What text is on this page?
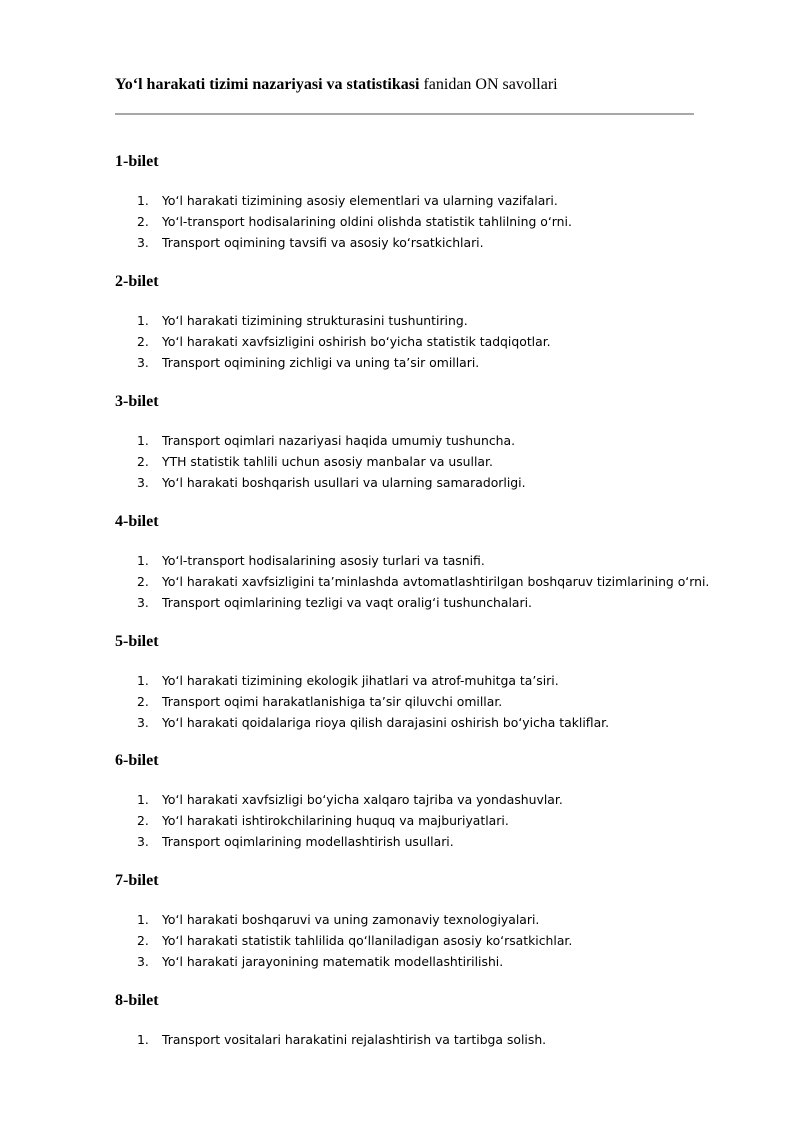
Yo‘l harakati tizimi nazariyasi va statistikasi fanidan ON savollari
1-bilet
1. Yo‘l harakati tizimining asosiy elementlari va ularning vazifalari.
2. Yo‘l-transport hodisalarining oldini olishda statistik tahlilning o‘rni.
3. Transport oqimining tavsifi va asosiy ko‘rsatkichlari.
2-bilet
1. Yo‘l harakati tizimining strukturasini tushuntiring.
2. Yo‘l harakati xavfsizligini oshirish bo‘yicha statistik tadqiqotlar.
3. Transport oqimining zichligi va uning ta’sir omillari.
3-bilet
1. Transport oqimlari nazariyasi haqida umumiy tushuncha.
2. YTH statistik tahlili uchun asosiy manbalar va usullar.
3. Yo‘l harakati boshqarish usullari va ularning samaradorligi.
4-bilet
1. Yo‘l-transport hodisalarining asosiy turlari va tasnifi.
2. Yo‘l harakati xavfsizligini ta’minlashda avtomatlashtirilgan boshqaruv tizimlarining o‘rni.
3. Transport oqimlarining tezligi va vaqt oralig‘i tushunchalari.
5-bilet
1. Yo‘l harakati tizimining ekologik jihatlari va atrof-muhitga ta’siri.
2. Transport oqimi harakatlanishiga ta’sir qiluvchi omillar.
3. Yo‘l harakati qoidalariga rioya qilish darajasini oshirish bo‘yicha takliflar.
6-bilet
1. Yo‘l harakati xavfsizligi bo‘yicha xalqaro tajriba va yondashuvlar.
2. Yo‘l harakati ishtirokchilarining huquq va majburiyatlari.
3. Transport oqimlarining modellashtirish usullari.
7-bilet
1. Yo‘l harakati boshqaruvi va uning zamonaviy texnologiyalari.
2. Yo‘l harakati statistik tahlilida qo‘llaniladigan asosiy ko‘rsatkichlar.
3. Yo‘l harakati jarayonining matematik modellashtirilishi.
8-bilet
1. Transport vositalari harakatini rejalashtirish va tartibga solish.
